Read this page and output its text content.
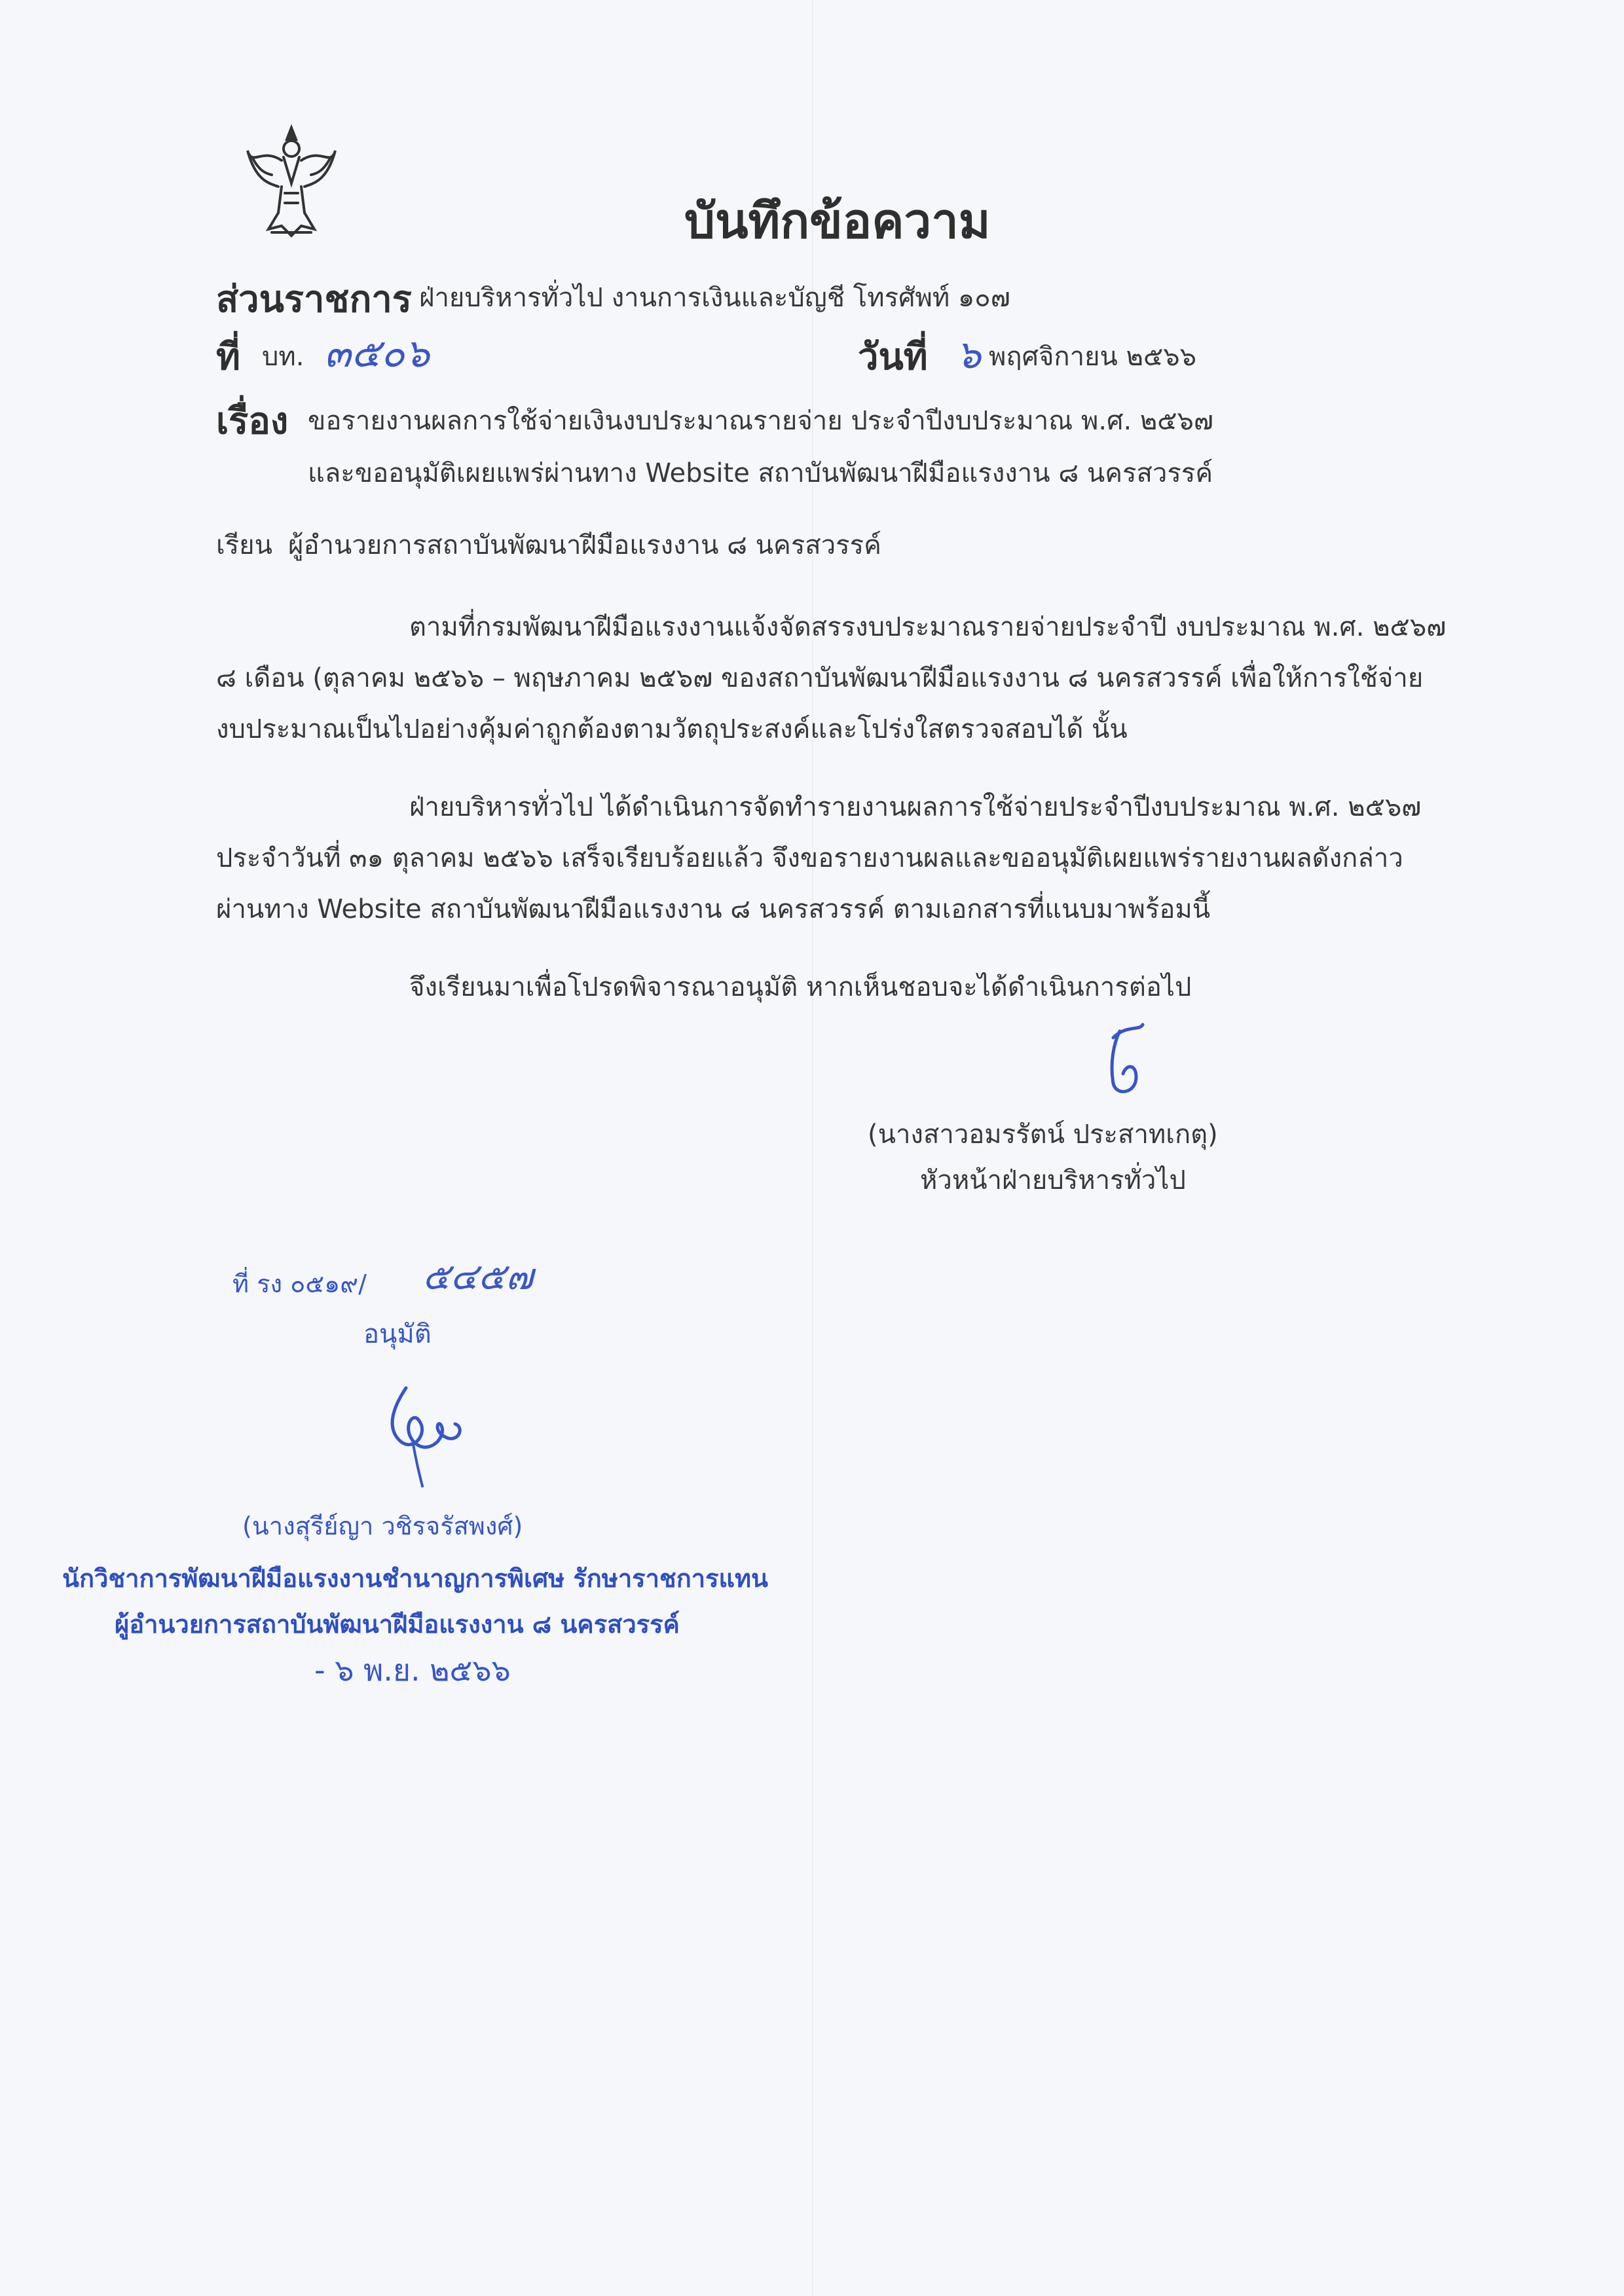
บันทึกข้อความ
ส่วนราชการ ฝ่ายบริหารทั่วไป งานการเงินและบัญชี โทรศัพท์ ๑๐๗
ที่ บท. ๓๕๐๖	วันที่ ๖ พฤศจิกายน ๒๕๖๖
เรื่อง ขอรายงานผลการใช้จ่ายเงินงบประมาณรายจ่าย ประจำปีงบประมาณ พ.ศ. ๒๕๖๗
และขออนุมัติเผยแพร่ผ่านทาง Website สถาบันพัฒนาฝีมือแรงงาน ๘ นครสวรรค์
เรียน ผู้อำนวยการสถาบันพัฒนาฝีมือแรงงาน ๘ นครสวรรค์
ตามที่กรมพัฒนาฝีมือแรงงานแจ้งจัดสรรงบประมาณรายจ่ายประจำปี งบประมาณ พ.ศ. ๒๕๖๗
๘ เดือน (ตุลาคม ๒๕๖๖ – พฤษภาคม ๒๕๖๗ ของสถาบันพัฒนาฝีมือแรงงาน ๘ นครสวรรค์ เพื่อให้การใช้จ่าย
งบประมาณเป็นไปอย่างคุ้มค่าถูกต้องตามวัตถุประสงค์และโปร่งใสตรวจสอบได้ นั้น
ฝ่ายบริหารทั่วไป ได้ดำเนินการจัดทำรายงานผลการใช้จ่ายประจำปีงบประมาณ พ.ศ. ๒๕๖๗
ประจำวันที่ ๓๑ ตุลาคม ๒๕๖๖ เสร็จเรียบร้อยแล้ว จึงขอรายงานผลและขออนุมัติเผยแพร่รายงานผลดังกล่าว
ผ่านทาง Website สถาบันพัฒนาฝีมือแรงงาน ๘ นครสวรรค์ ตามเอกสารที่แนบมาพร้อมนี้
จึงเรียนมาเพื่อโปรดพิจารณาอนุมัติ หากเห็นชอบจะได้ดำเนินการต่อไป
(นางสาวอมรรัตน์ ประสาทเกตุ)
หัวหน้าฝ่ายบริหารทั่วไป
ที่ รง ๐๕๑๙/ ๕๔๕๗
อนุมัติ
(นางสุรีย์ญา วชิรจรัสพงศ์)
นักวิชาการพัฒนาฝีมือแรงงานชำนาญการพิเศษ รักษาราชการแทน
ผู้อำนวยการสถาบันพัฒนาฝีมือแรงงาน ๘ นครสวรรค์
- ๖ พ.ย. ๒๕๖๖
